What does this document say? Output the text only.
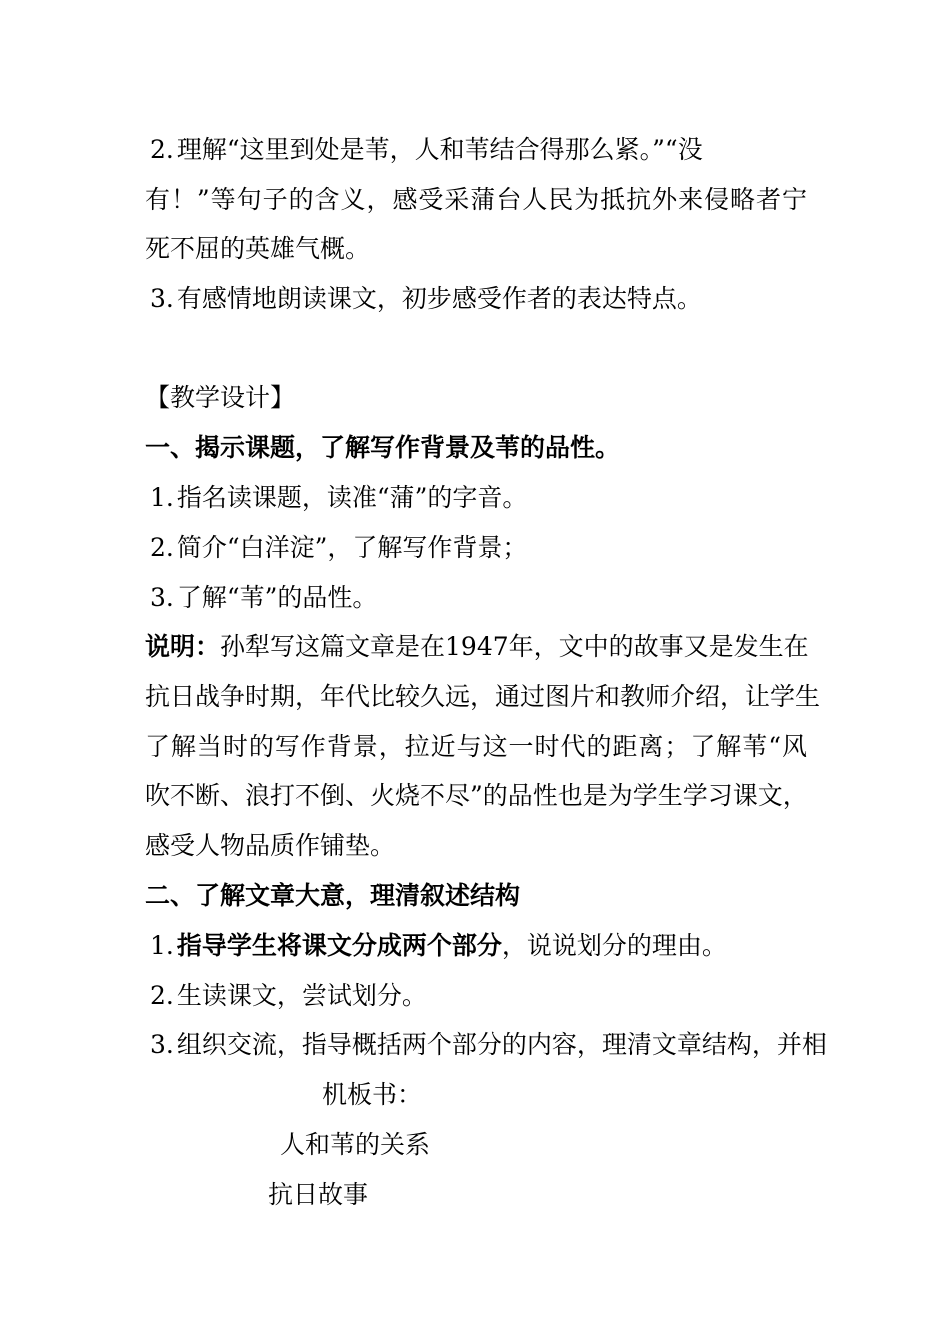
2. 理解“这里到处是苇，人和苇结合得那么紧。”“没
有！”等句子的含义，感受采蒲台人民为抵抗外来侵略者宁
死不屈的英雄气概。
3. 有感情地朗读课文，初步感受作者的表达特点。
【教学设计】
一、揭示课题，了解写作背景及苇的品性。
1. 指名读课题，读准“蒲”的字音。
2. 简介“白洋淀”，了解写作背景；
3. 了解“苇”的品性。
说明：孙犁写这篇文章是在1947年，文中的故事又是发生在
抗日战争时期，年代比较久远，通过图片和教师介绍，让学生
了解当时的写作背景，拉近与这一时代的距离；了解苇“风
吹不断、浪打不倒、火烧不尽”的品性也是为学生学习课文，
感受人物品质作铺垫。
二、了解文章大意，理清叙述结构
1. 指导学生将课文分成两个部分，说说划分的理由。
2. 生读课文，尝试划分。
3. 组织交流，指导概括两个部分的内容，理清文章结构，并相
机板书：
人和苇的关系
抗日故事
